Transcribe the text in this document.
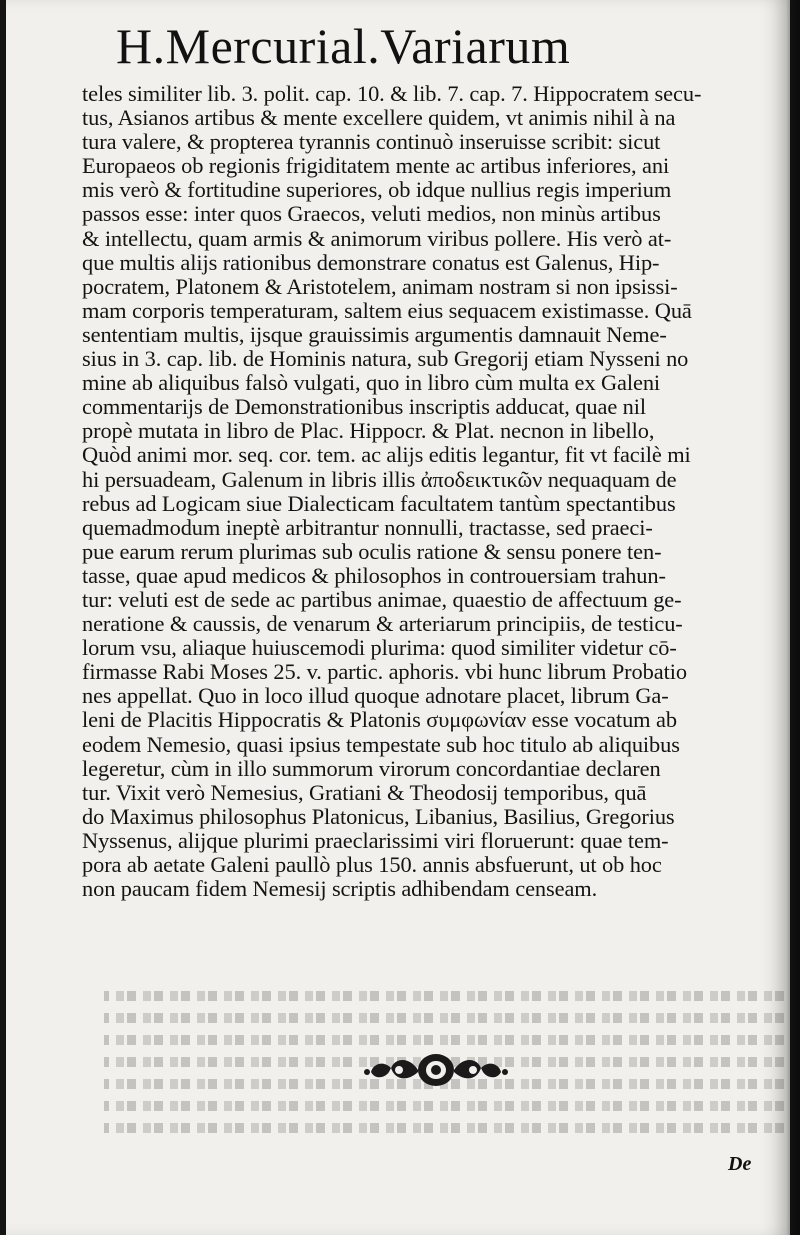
H.Mercurial.Variarum
teles similiter lib. 3. polit. cap. 10. & lib. 7. cap. 7. Hippocratem secu-
tus, Asianos artibus & mente excellere quidem, vt animis nihil à na
tura valere, & propterea tyrannis continuò inseruisse scribit: sicut
Europaeos ob regionis frigiditatem mente ac artibus inferiores, ani
mis verò & fortitudine superiores, ob idque nullius regis imperium
passos esse: inter quos Graecos, veluti medios, non minùs artibus
& intellectu, quam armis & animorum viribus pollere. His verò at-
que multis alijs rationibus demonstrare conatus est Galenus, Hip-
pocratem, Platonem & Aristotelem, animam nostram si non ipsissi-
mam corporis temperaturam, saltem eius sequacem existimasse. Quā
sententiam multis, ijsque grauissimis argumentis damnauit Neme-
sius in 3. cap. lib. de Hominis natura, sub Gregorij etiam Nysseni no
mine ab aliquibus falsò vulgati, quo in libro cùm multa ex Galeni
commentarijs de Demonstrationibus inscriptis adducat, quae nil
propè mutata in libro de Plac. Hippocr. & Plat. necnon in libello,
Quòd animi mor. seq. cor. tem. ac alijs editis legantur, fit vt facilè mi
hi persuadeam, Galenum in libris illis ἀποδεικτικῶν nequaquam de
rebus ad Logicam siue Dialecticam facultatem tantùm spectantibus
quemadmodum ineptè arbitrantur nonnulli, tractasse, sed praeci-
pue earum rerum plurimas sub oculis ratione & sensu ponere ten-
tasse, quae apud medicos & philosophos in controuersiam trahun-
tur: veluti est de sede ac partibus animae, quaestio de affectuum ge-
neratione & caussis, de venarum & arteriarum principiis, de testicu-
lorum vsu, aliaque huiuscemodi plurima: quod similiter videtur cō-
firmasse Rabi Moses 25. v. partic. aphoris. vbi hunc librum Probatio
nes appellat. Quo in loco illud quoque adnotare placet, librum Ga-
leni de Placitis Hippocratis & Platonis συμφωνίαν esse vocatum ab
eodem Nemesio, quasi ipsius tempestate sub hoc titulo ab aliquibus
legeretur, cùm in illo summorum virorum concordantiae declaren
tur. Vixit verò Nemesius, Gratiani & Theodosij temporibus, quā
do Maximus philosophus Platonicus, Libanius, Basilius, Gregorius
Nyssenus, alijque plurimi praeclarissimi viri floruerunt: quae tem-
pora ab aetate Galeni paullò plus 150. annis absfuerunt, ut ob hoc
non paucam fidem Nemesij scriptis adhibendam censeam.
De
